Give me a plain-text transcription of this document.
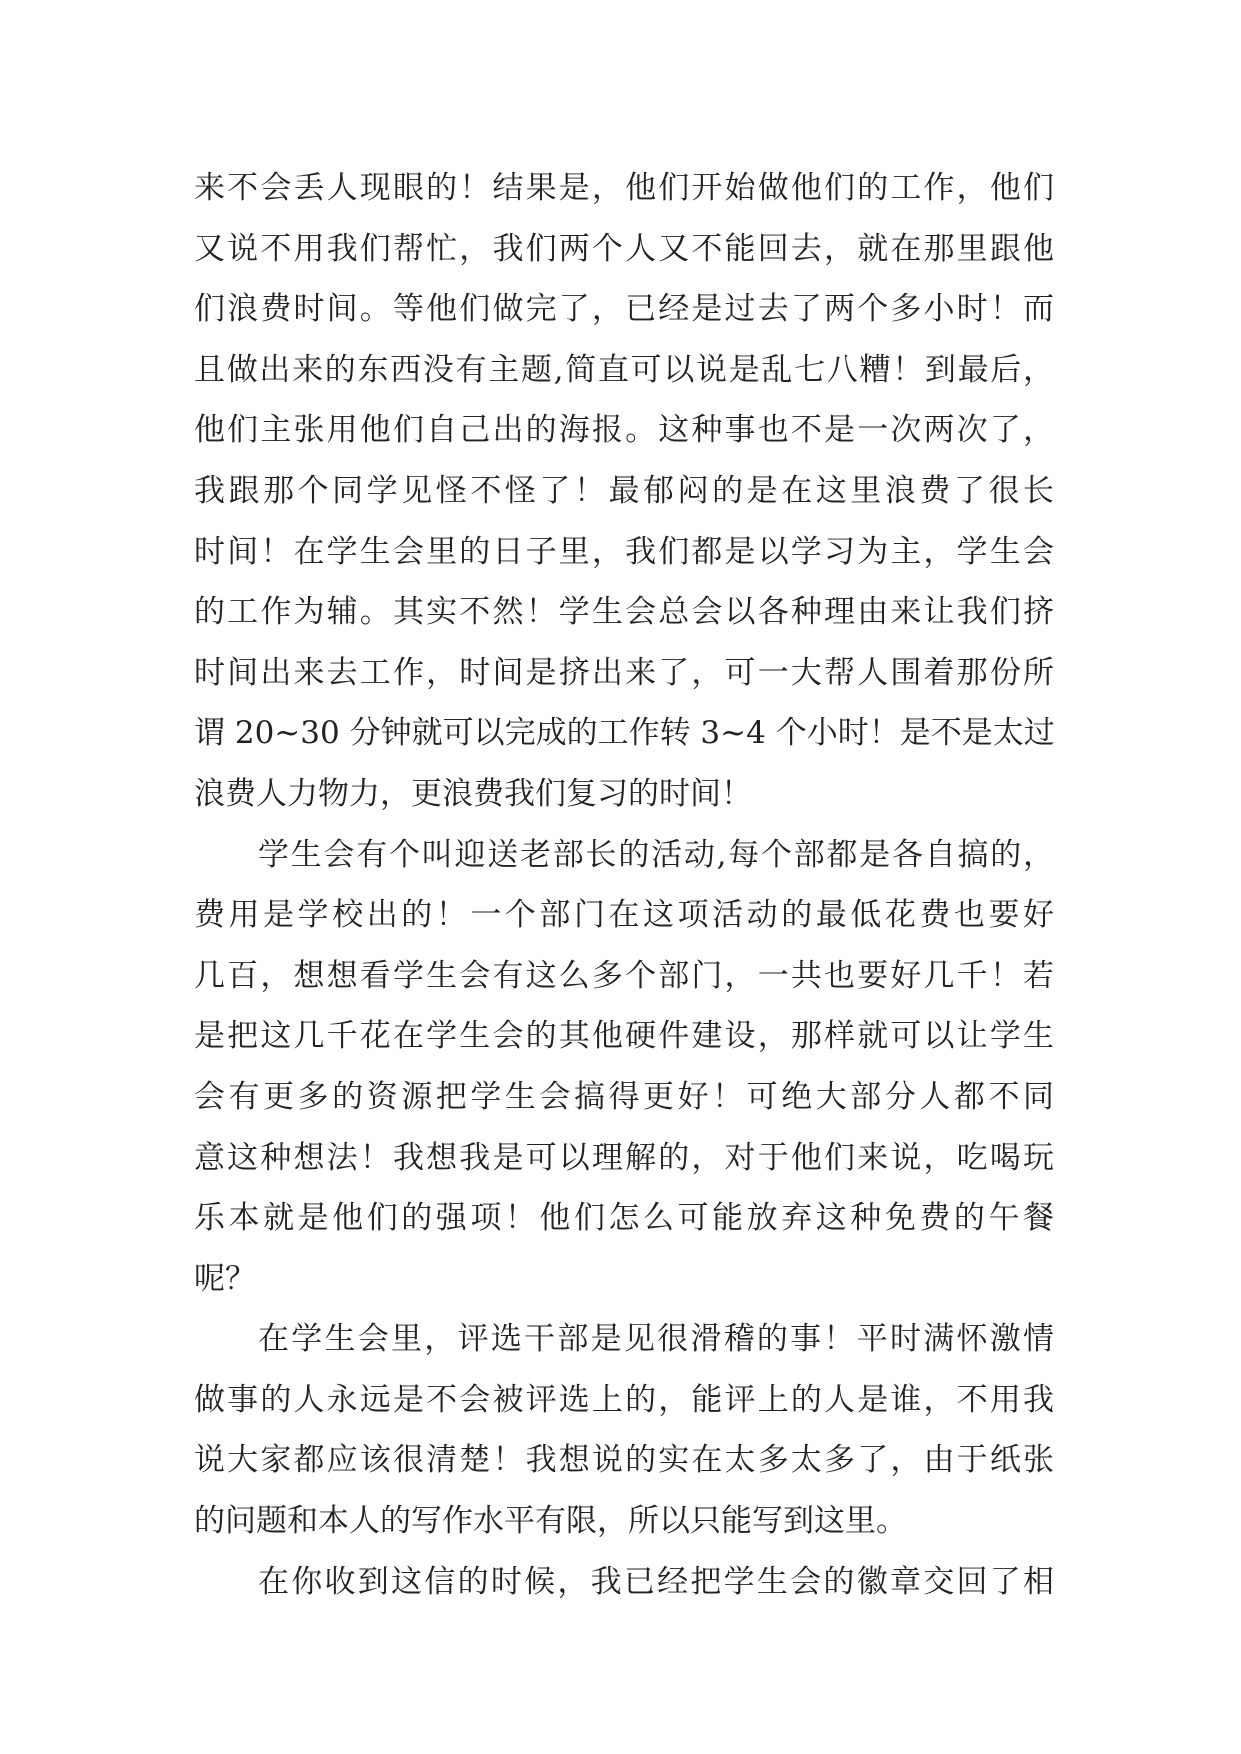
来不会丢人现眼的！结果是，他们开始做他们的工作，他们
又说不用我们帮忙，我们两个人又不能回去，就在那里跟他
们浪费时间。等他们做完了，已经是过去了两个多小时！而
且做出来的东西没有主题,简直可以说是乱七八糟！到最后，
他们主张用他们自己出的海报。这种事也不是一次两次了，
我跟那个同学见怪不怪了！最郁闷的是在这里浪费了很长
时间！在学生会里的日子里，我们都是以学习为主，学生会
的工作为辅。其实不然！学生会总会以各种理由来让我们挤
时间出来去工作，时间是挤出来了，可一大帮人围着那份所
谓 20~30 分钟就可以完成的工作转 3~4 个小时！是不是太过
浪费人力物力，更浪费我们复习的时间！
学生会有个叫迎送老部长的活动,每个部都是各自搞的，
费用是学校出的！一个部门在这项活动的最低花费也要好
几百，想想看学生会有这么多个部门，一共也要好几千！若
是把这几千花在学生会的其他硬件建设，那样就可以让学生
会有更多的资源把学生会搞得更好！可绝大部分人都不同
意这种想法！我想我是可以理解的，对于他们来说，吃喝玩
乐本就是他们的强项！他们怎么可能放弃这种免费的午餐
呢？
在学生会里，评选干部是见很滑稽的事！平时满怀激情
做事的人永远是不会被评选上的，能评上的人是谁，不用我
说大家都应该很清楚！我想说的实在太多太多了，由于纸张
的问题和本人的写作水平有限，所以只能写到这里。
在你收到这信的时候，我已经把学生会的徽章交回了相
